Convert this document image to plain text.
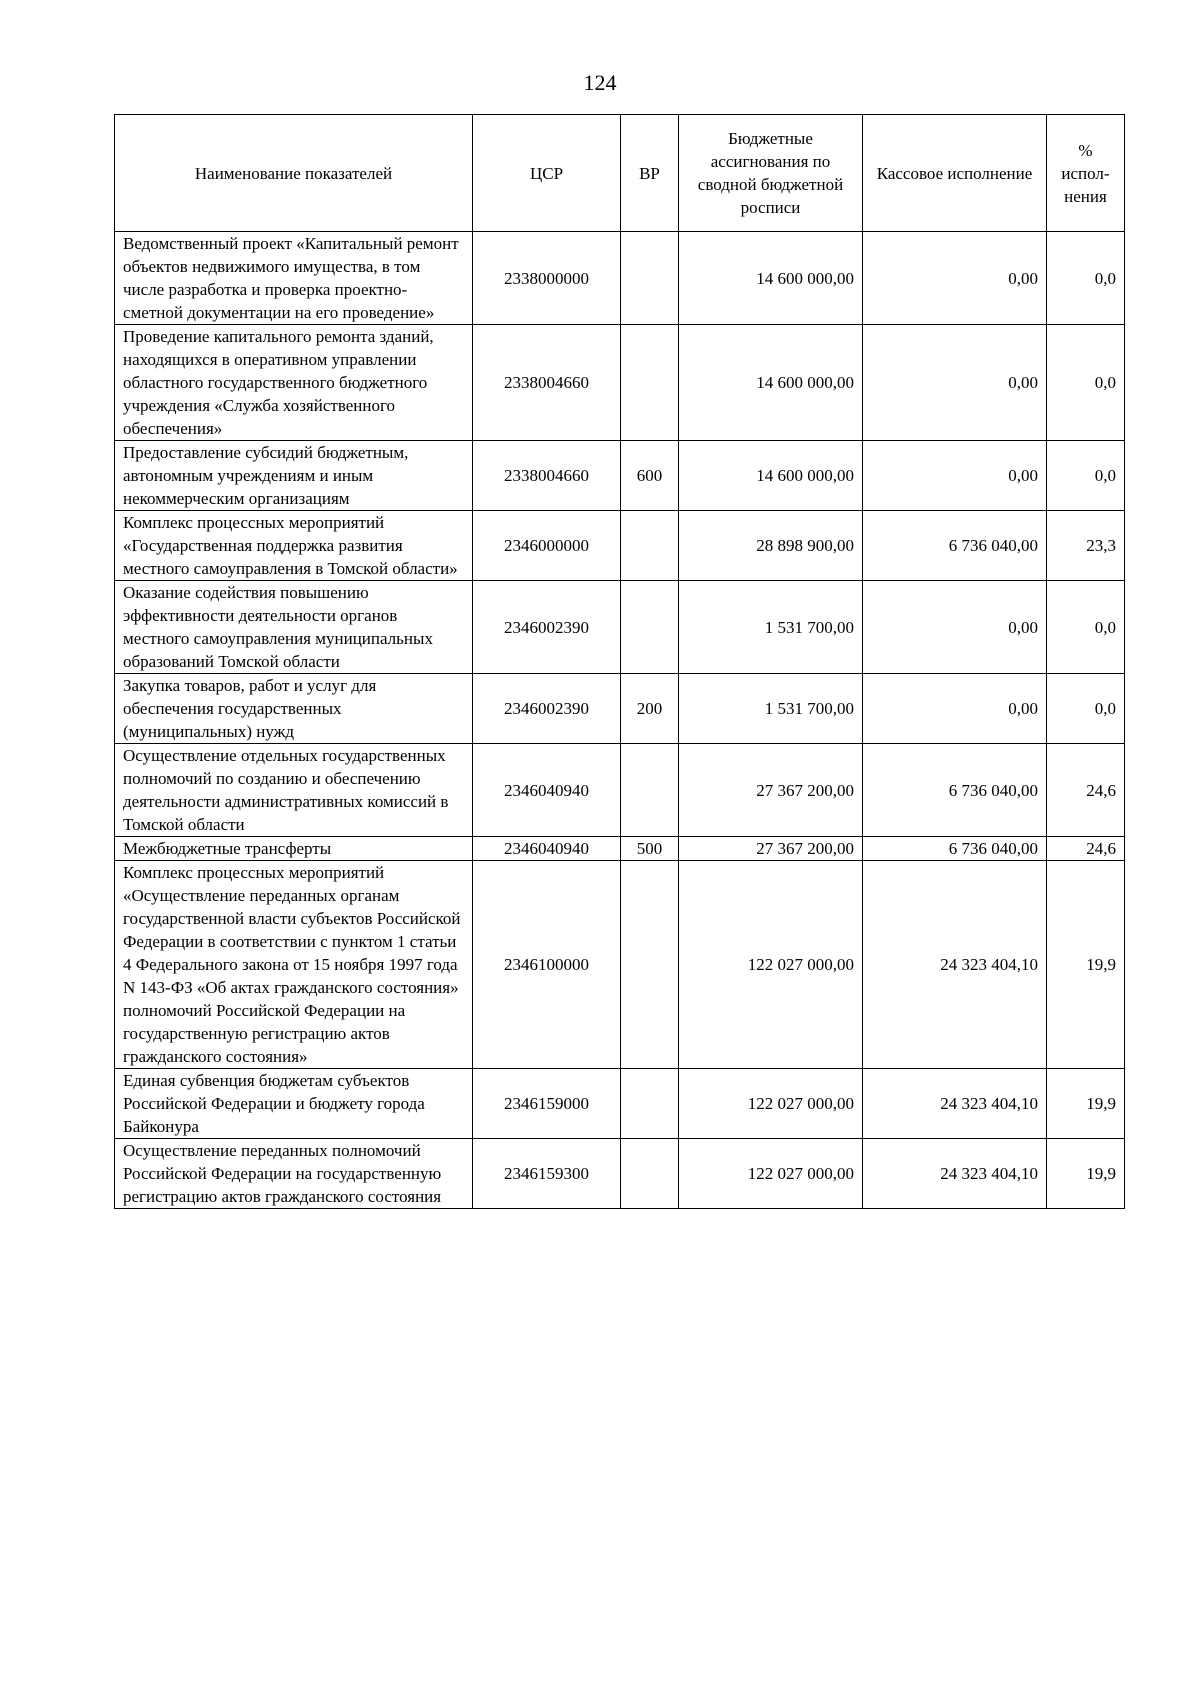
124
Наименование показателей	ЦСР	ВР	Бюджетные ассигнования по сводной бюджетной росписи	Кассовое исполнение	% испол-нения
Ведомственный проект «Капитальный ремонт объектов недвижимого имущества, в том числе разработка и проверка проектно-сметной документации на его проведение»	2338000000		14 600 000,00	0,00	0,0
Проведение капитального ремонта зданий, находящихся в оперативном управлении областного государственного бюджетного учреждения «Служба хозяйственного обеспечения»	2338004660		14 600 000,00	0,00	0,0
Предоставление субсидий бюджетным, автономным учреждениям и иным некоммерческим организациям	2338004660	600	14 600 000,00	0,00	0,0
Комплекс процессных мероприятий «Государственная поддержка развития местного самоуправления в Томской области»	2346000000		28 898 900,00	6 736 040,00	23,3
Оказание содействия повышению эффективности деятельности органов местного самоуправления муниципальных образований Томской области	2346002390		1 531 700,00	0,00	0,0
Закупка товаров, работ и услуг для обеспечения государственных (муниципальных) нужд	2346002390	200	1 531 700,00	0,00	0,0
Осуществление отдельных государственных полномочий по созданию и обеспечению деятельности административных комиссий в Томской области	2346040940		27 367 200,00	6 736 040,00	24,6
Межбюджетные трансферты	2346040940	500	27 367 200,00	6 736 040,00	24,6
Комплекс процессных мероприятий «Осуществление переданных органам государственной власти субъектов Российской Федерации в соответствии с пунктом 1 статьи 4 Федерального закона от 15 ноября 1997 года N 143-ФЗ «Об актах гражданского состояния» полномочий Российской Федерации на государственную регистрацию актов гражданского состояния»	2346100000		122 027 000,00	24 323 404,10	19,9
Единая субвенция бюджетам субъектов Российской Федерации и бюджету города Байконура	2346159000		122 027 000,00	24 323 404,10	19,9
Осуществление переданных полномочий Российской Федерации на государственную регистрацию актов гражданского состояния	2346159300		122 027 000,00	24 323 404,10	19,9
